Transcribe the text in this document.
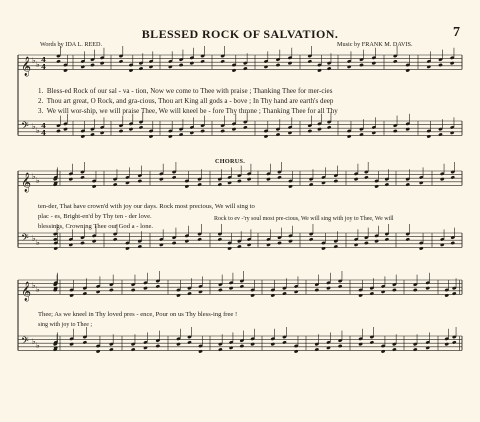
BLESSED ROCK OF SALVATION.	7
Words by IDA L. REED.	Music by FRANK M. DAVIS.
𝄞 ♭ ♭ 4
4
𝄢 ♭ ♭ 4
4
𝄞 ♭ ♭
𝄢 ♭ ♭
𝄞 ♭ ♭
𝄢 ♭ ♭
1. Bless-ed Rock of our sal - va - tion, Now we come to Thee with praise ; Thanking Thee for mer-cies
2. Thou art great, O Rock, and gra-cious, Thou art King all gods a - bove ; In Thy hand are earth's deep
3. We will wor-ship, we will praise Thee, We will kneel be - fore Thy throne ; Thanking Thee for all Thy
CHORUS.
ten-der, That have crown'd with joy our days. Rock most precious, We will sing to
plac - es, Bright-en'd by Thy ten - der love.
blessings, Crowning Thee our God a - lone.
Rock to ev -'ry soul most pre-cious, We will sing with joy to Thee, We will
Thee; As we kneel in Thy loved pres - ence, Pour on us Thy bless-ing free !
sing with joy to Thee ;
